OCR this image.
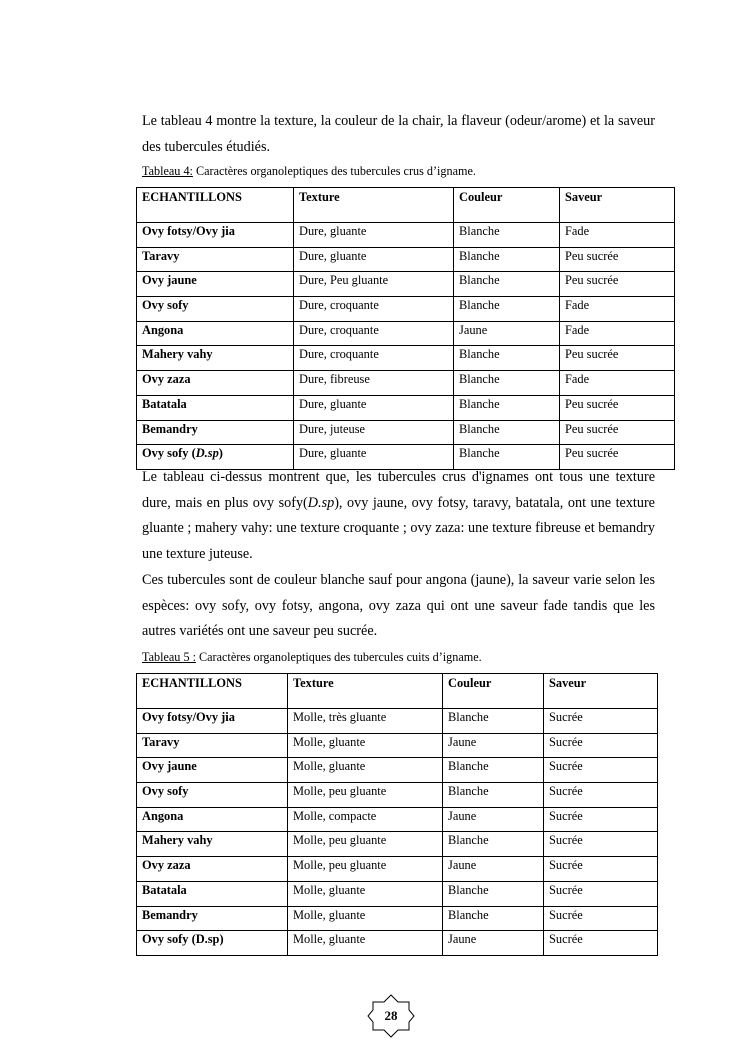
Le tableau 4 montre la texture, la couleur de la chair, la flaveur (odeur/arome) et la saveur des tubercules étudiés.

Tableau 4: Caractères organoleptiques des tubercules crus d’igname.

ECHANTILLONS	Texture	Couleur	Saveur
Ovy fotsy/Ovy jia	Dure, gluante	Blanche	Fade
Taravy	Dure, gluante	Blanche	Peu sucrée
Ovy jaune	Dure, Peu gluante	Blanche	Peu sucrée
Ovy sofy	Dure, croquante	Blanche	Fade
Angona	Dure, croquante	Jaune	Fade
Mahery vahy	Dure, croquante	Blanche	Peu sucrée
Ovy zaza	Dure, fibreuse	Blanche	Fade
Batatala	Dure, gluante	Blanche	Peu sucrée
Bemandry	Dure, juteuse	Blanche	Peu sucrée
Ovy sofy (D.sp)	Dure, gluante	Blanche	Peu sucrée

Le tableau ci-dessus montrent que, les tubercules crus d'ignames ont tous une texture dure, mais en plus ovy sofy(D.sp), ovy jaune, ovy fotsy, taravy, batatala, ont une texture gluante ; mahery vahy: une texture croquante ; ovy zaza: une texture fibreuse et bemandry une texture juteuse.

Ces tubercules sont de couleur blanche sauf pour angona (jaune), la saveur varie selon les espèces: ovy sofy, ovy fotsy, angona, ovy zaza qui ont une saveur fade tandis que les autres variétés ont une saveur peu sucrée.

Tableau 5 : Caractères organoleptiques des tubercules cuits d’igname.

ECHANTILLONS	Texture	Couleur	Saveur
Ovy fotsy/Ovy jia	Molle, très gluante	Blanche	Sucrée
Taravy	Molle, gluante	Jaune	Sucrée
Ovy jaune	Molle, gluante	Blanche	Sucrée
Ovy sofy	Molle, peu gluante	Blanche	Sucrée
Angona	Molle, compacte	Jaune	Sucrée
Mahery vahy	Molle, peu gluante	Blanche	Sucrée
Ovy zaza	Molle, peu gluante	Jaune	Sucrée
Batatala	Molle, gluante	Blanche	Sucrée
Bemandry	Molle, gluante	Blanche	Sucrée
Ovy sofy (D.sp)	Molle, gluante	Jaune	Sucrée
28
